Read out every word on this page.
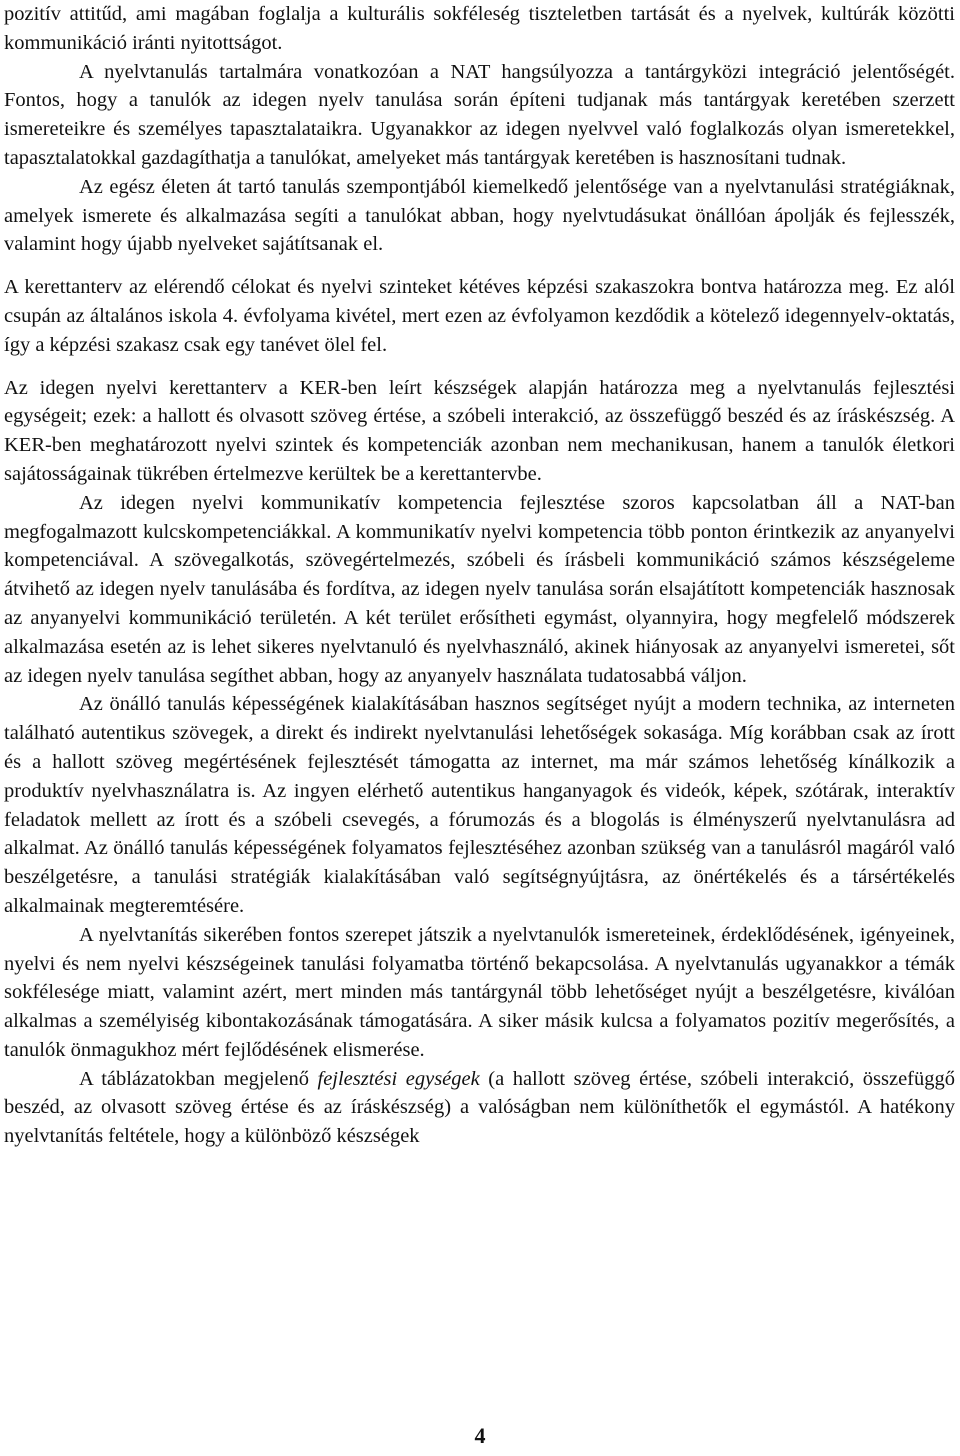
pozitív attitűd, ami magában foglalja a kulturális sokféleség tiszteletben tartását és a nyelvek, kultúrák közötti kommunikáció iránti nyitottságot.

A nyelvtanulás tartalmára vonatkozóan a NAT hangsúlyozza a tantárgyközi integráció jelentőségét. Fontos, hogy a tanulók az idegen nyelv tanulása során építeni tudjanak más tantárgyak keretében szerzett ismereteikre és személyes tapasztalataikra. Ugyanakkor az idegen nyelvvel való foglalkozás olyan ismeretekkel, tapasztalatokkal gazdagíthatja a tanulókat, amelyeket más tantárgyak keretében is hasznosítani tudnak.

Az egész életen át tartó tanulás szempontjából kiemelkedő jelentősége van a nyelvtanulási stratégiáknak, amelyek ismerete és alkalmazása segíti a tanulókat abban, hogy nyelvtudásukat önállóan ápolják és fejlesszék, valamint hogy újabb nyelveket sajátítsanak el.

A kerettanterv az elérendő célokat és nyelvi szinteket kétéves képzési szakaszokra bontva határozza meg. Ez alól csupán az általános iskola 4. évfolyama kivétel, mert ezen az évfolyamon kezdődik a kötelező idegennyelv-oktatás, így a képzési szakasz csak egy tanévet ölel fel.

Az idegen nyelvi kerettanterv a KER-ben leírt készségek alapján határozza meg a nyelvtanulás fejlesztési egységeit; ezek: a hallott és olvasott szöveg értése, a szóbeli interakció, az összefüggő beszéd és az íráskészség. A KER-ben meghatározott nyelvi szintek és kompetenciák azonban nem mechanikusan, hanem a tanulók életkori sajátosságainak tükrében értelmezve kerültek be a kerettantervbe.

Az idegen nyelvi kommunikatív kompetencia fejlesztése szoros kapcsolatban áll a NAT-ban megfogalmazott kulcskompetenciákkal. A kommunikatív nyelvi kompetencia több ponton érintkezik az anyanyelvi kompetenciával. A szövegalkotás, szövegértelmezés, szóbeli és írásbeli kommunikáció számos készségeleme átvihető az idegen nyelv tanulásába és fordítva, az idegen nyelv tanulása során elsajátított kompetenciák hasznosak az anyanyelvi kommunikáció területén. A két terület erősítheti egymást, olyannyira, hogy megfelelő módszerek alkalmazása esetén az is lehet sikeres nyelvtanuló és nyelvhasználó, akinek hiányosak az anyanyelvi ismeretei, sőt az idegen nyelv tanulása segíthet abban, hogy az anyanyelv használata tudatosabbá váljon.

Az önálló tanulás képességének kialakításában hasznos segítséget nyújt a modern technika, az interneten található autentikus szövegek, a direkt és indirekt nyelvtanulási lehetőségek sokasága. Míg korábban csak az írott és a hallott szöveg megértésének fejlesztését támogatta az internet, ma már számos lehetőség kínálkozik a produktív nyelvhasználatra is. Az ingyen elérhető autentikus hanganyagok és videók, képek, szótárak, interaktív feladatok mellett az írott és a szóbeli csevegés, a fórumozás és a blogolás is élményszerű nyelvtanulásra ad alkalmat. Az önálló tanulás képességének folyamatos fejlesztéséhez azonban szükség van a tanulásról magáról való beszélgetésre, a tanulási stratégiák kialakításában való segítségnyújtásra, az önértékelés és a társértékelés alkalmainak megteremtésére.

A nyelvtanítás sikerében fontos szerepet játszik a nyelvtanulók ismereteinek, érdeklődésének, igényeinek, nyelvi és nem nyelvi készségeinek tanulási folyamatba történő bekapcsolása. A nyelvtanulás ugyanakkor a témák sokfélesége miatt, valamint azért, mert minden más tantárgynál több lehetőséget nyújt a beszélgetésre, kiválóan alkalmas a személyiség kibontakozásának támogatására. A siker másik kulcsa a folyamatos pozitív megerősítés, a tanulók önmagukhoz mért fejlődésének elismerése.

A táblázatokban megjelenő fejlesztési egységek (a hallott szöveg értése, szóbeli interakció, összefüggő beszéd, az olvasott szöveg értése és az íráskészség) a valóságban nem különíthetők el egymástól. A hatékony nyelvtanítás feltétele, hogy a különböző készségek

4
